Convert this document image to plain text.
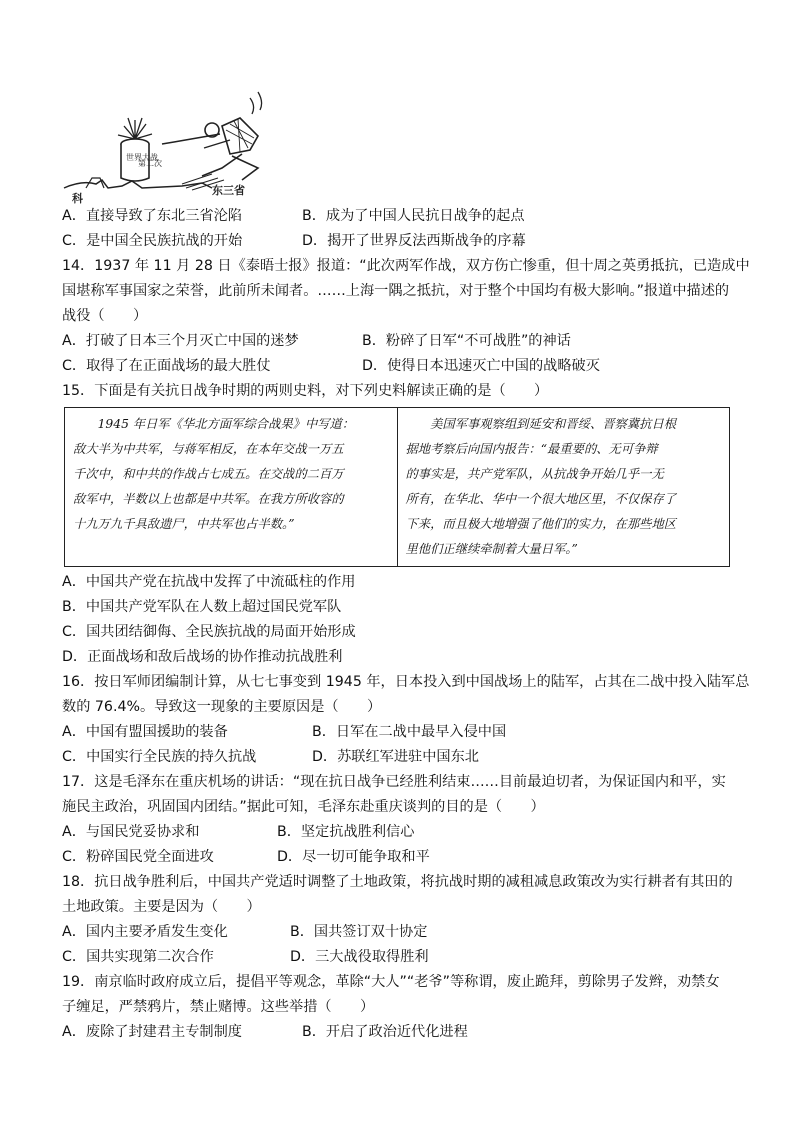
世界大战
第二次
科
东三省
A．直接导致了东北三省沦陷	B．成为了中国人民抗日战争的起点
C．是中国全民族抗战的开始	D．揭开了世界反法西斯战争的序幕
14．1937 年 11 月 28 日《泰晤士报》报道：“此次两军作战，双方伤亡惨重，但十周之英勇抵抗，已造成中
国堪称军事国家之荣誉，此前所未闻者。……上海一隅之抵抗，对于整个中国均有极大影响。”报道中描述的
战役（　　）
A．打破了日本三个月灭亡中国的迷梦	B．粉碎了日军“不可战胜”的神话
C．取得了在正面战场的最大胜仗	D．使得日本迅速灭亡中国的战略破灭
15．下面是有关抗日战争时期的两则史料，对下列史料解读正确的是（　　）
1945 年日军《华北方面军综合战果》中写道：
敌大半为中共军，与蒋军相反，在本年交战一万五
千次中，和中共的作战占七成五。在交战的二百万
敌军中，半数以上也都是中共军。在我方所收容的
十九万九千具敌遗尸，中共军也占半数。”

美国军事观察组到延安和晋绥、晋察冀抗日根
据地考察后向国内报告：“最重要的、无可争辩
的事实是，共产党军队，从抗战争开始几乎一无
所有，在华北、华中一个很大地区里，不仅保存了
下来，而且极大地增强了他们的实力，在那些地区
里他们正继续牵制着大量日军。”
A．中国共产党在抗战中发挥了中流砥柱的作用
B．中国共产党军队在人数上超过国民党军队
C．国共团结御侮、全民族抗战的局面开始形成
D．正面战场和敌后战场的协作推动抗战胜利
16．按日军师团编制计算，从七七事变到 1945 年，日本投入到中国战场上的陆军，占其在二战中投入陆军总
数的 76.4%。导致这一现象的主要原因是（　　）
A．中国有盟国援助的装备	B．日军在二战中最早入侵中国
C．中国实行全民族的持久抗战	D．苏联红军进驻中国东北
17．这是毛泽东在重庆机场的讲话：“现在抗日战争已经胜利结束……目前最迫切者，为保证国内和平，实
施民主政治，巩固国内团结。”据此可知，毛泽东赴重庆谈判的目的是（　　）
A．与国民党妥协求和	B．坚定抗战胜利信心
C．粉碎国民党全面进攻	D．尽一切可能争取和平
18．抗日战争胜利后，中国共产党适时调整了土地政策，将抗战时期的减租减息政策改为实行耕者有其田的
土地政策。主要是因为（　　）
A．国内主要矛盾发生变化	B．国共签订双十协定
C．国共实现第二次合作	D．三大战役取得胜利
19．南京临时政府成立后，提倡平等观念，革除“大人”“老爷”等称谓，废止跪拜，剪除男子发辫，劝禁女
子缠足，严禁鸦片，禁止赌博。这些举措（　　）
A．废除了封建君主专制制度	B．开启了政治近代化进程
